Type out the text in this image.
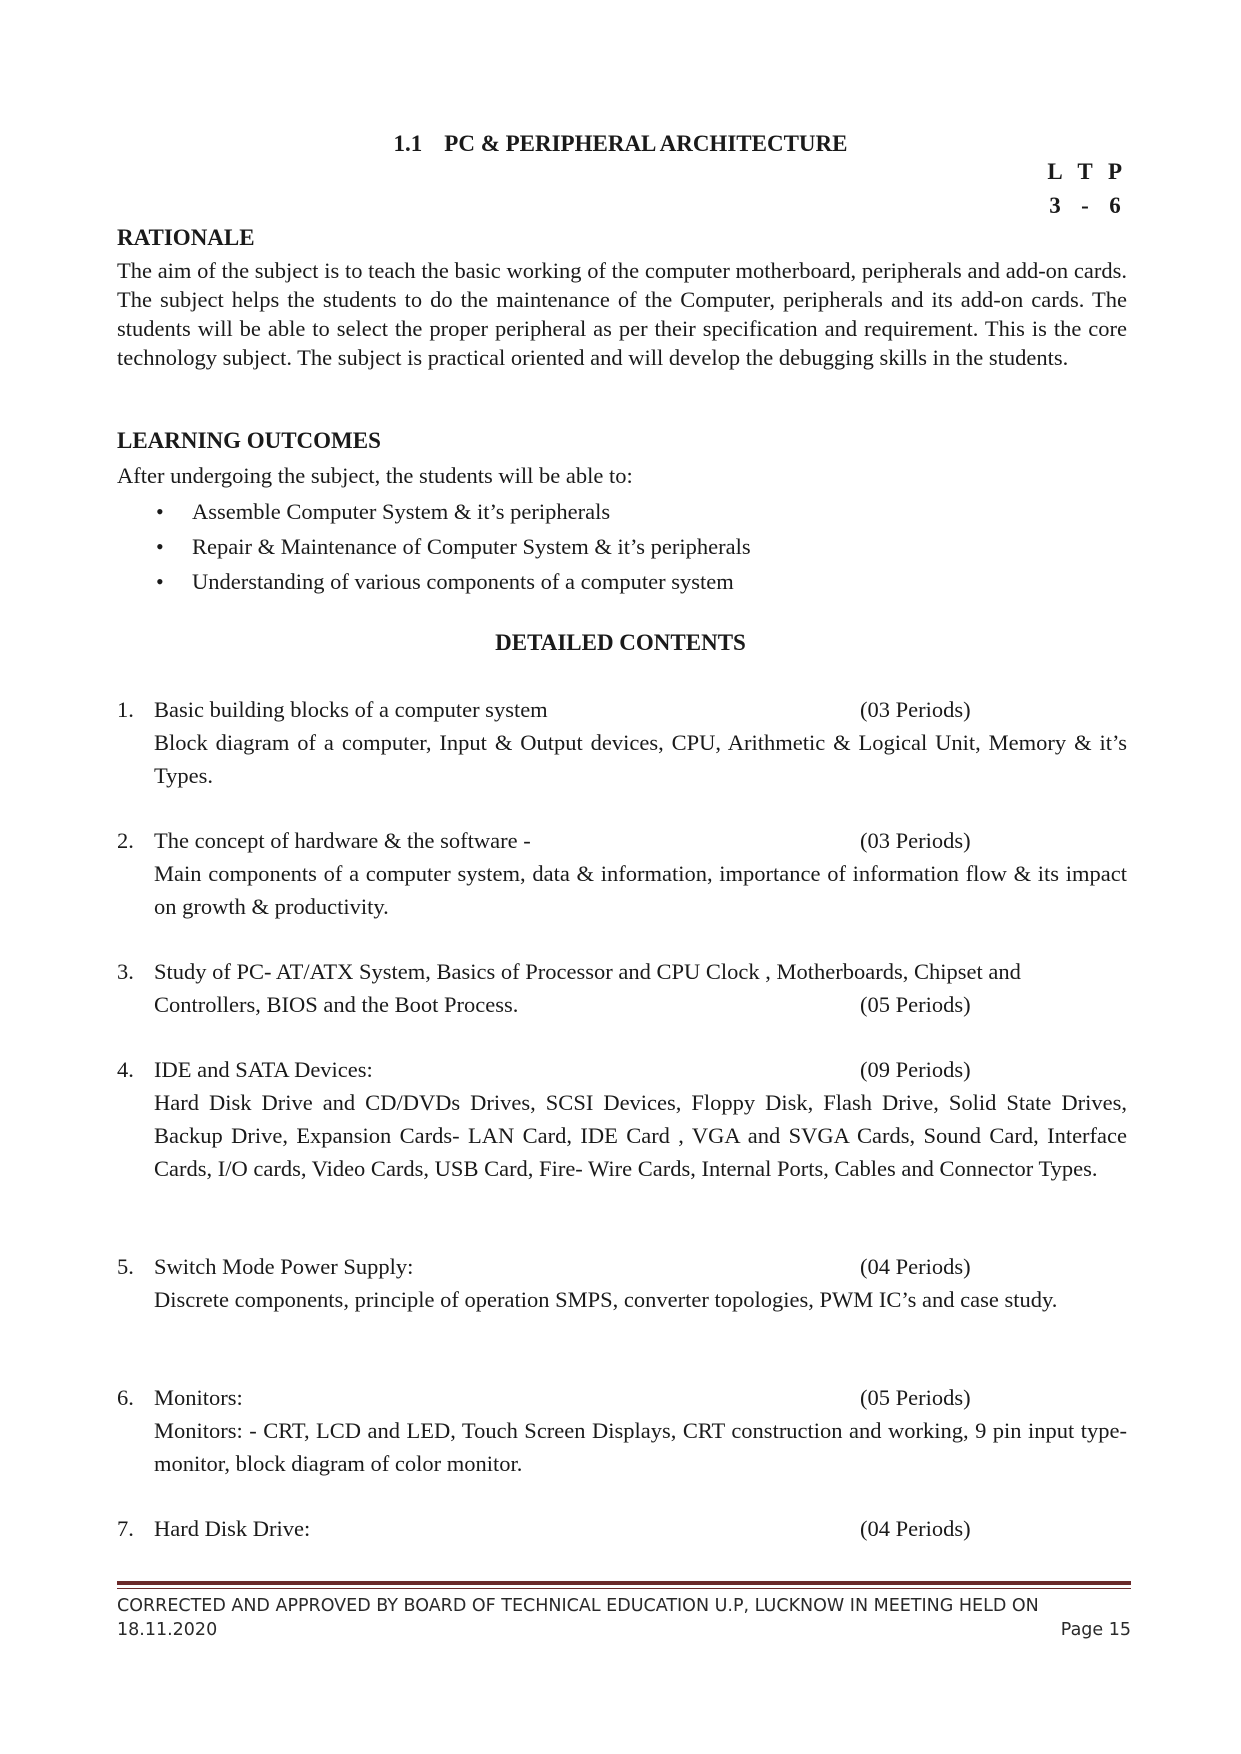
1.1 PC & PERIPHERAL ARCHITECTURE
L T P
3 - 6
RATIONALE
The aim of the subject is to teach the basic working of the computer motherboard, peripherals and add-on cards. The subject helps the students to do the maintenance of the Computer, peripherals and its add-on cards. The students will be able to select the proper peripheral as per their specification and requirement. This is the core technology subject. The subject is practical oriented and will develop the debugging skills in the students.
LEARNING OUTCOMES
After undergoing the subject, the students will be able to:
• Assemble Computer System & it’s peripherals
• Repair & Maintenance of Computer System & it’s peripherals
• Understanding of various components of a computer system
DETAILED CONTENTS
1. Basic building blocks of a computer system	(03 Periods)
Block diagram of a computer, Input & Output devices, CPU, Arithmetic & Logical Unit, Memory & it’s Types.
2. The concept of hardware & the software -	(03 Periods)
Main components of a computer system, data & information, importance of information flow & its impact on growth & productivity.
3. Study of PC- AT/ATX System, Basics of Processor and CPU Clock , Motherboards, Chipset and
Controllers, BIOS and the Boot Process.	(05 Periods)
4. IDE and SATA Devices:	(09 Periods)
Hard Disk Drive and CD/DVDs Drives, SCSI Devices, Floppy Disk, Flash Drive, Solid State Drives, Backup Drive, Expansion Cards- LAN Card, IDE Card , VGA and SVGA Cards, Sound Card, Interface Cards, I/O cards, Video Cards, USB Card, Fire- Wire Cards, Internal Ports, Cables and Connector Types.
5. Switch Mode Power Supply:	(04 Periods)
Discrete components, principle of operation SMPS, converter topologies, PWM IC’s and case study.
6. Monitors:	(05 Periods)
Monitors: - CRT, LCD and LED, Touch Screen Displays, CRT construction and working, 9 pin input type- monitor, block diagram of color monitor.
7. Hard Disk Drive:	(04 Periods)
CORRECTED AND APPROVED BY BOARD OF TECHNICAL EDUCATION U.P, LUCKNOW IN MEETING HELD ON
18.11.2020	Page 15
